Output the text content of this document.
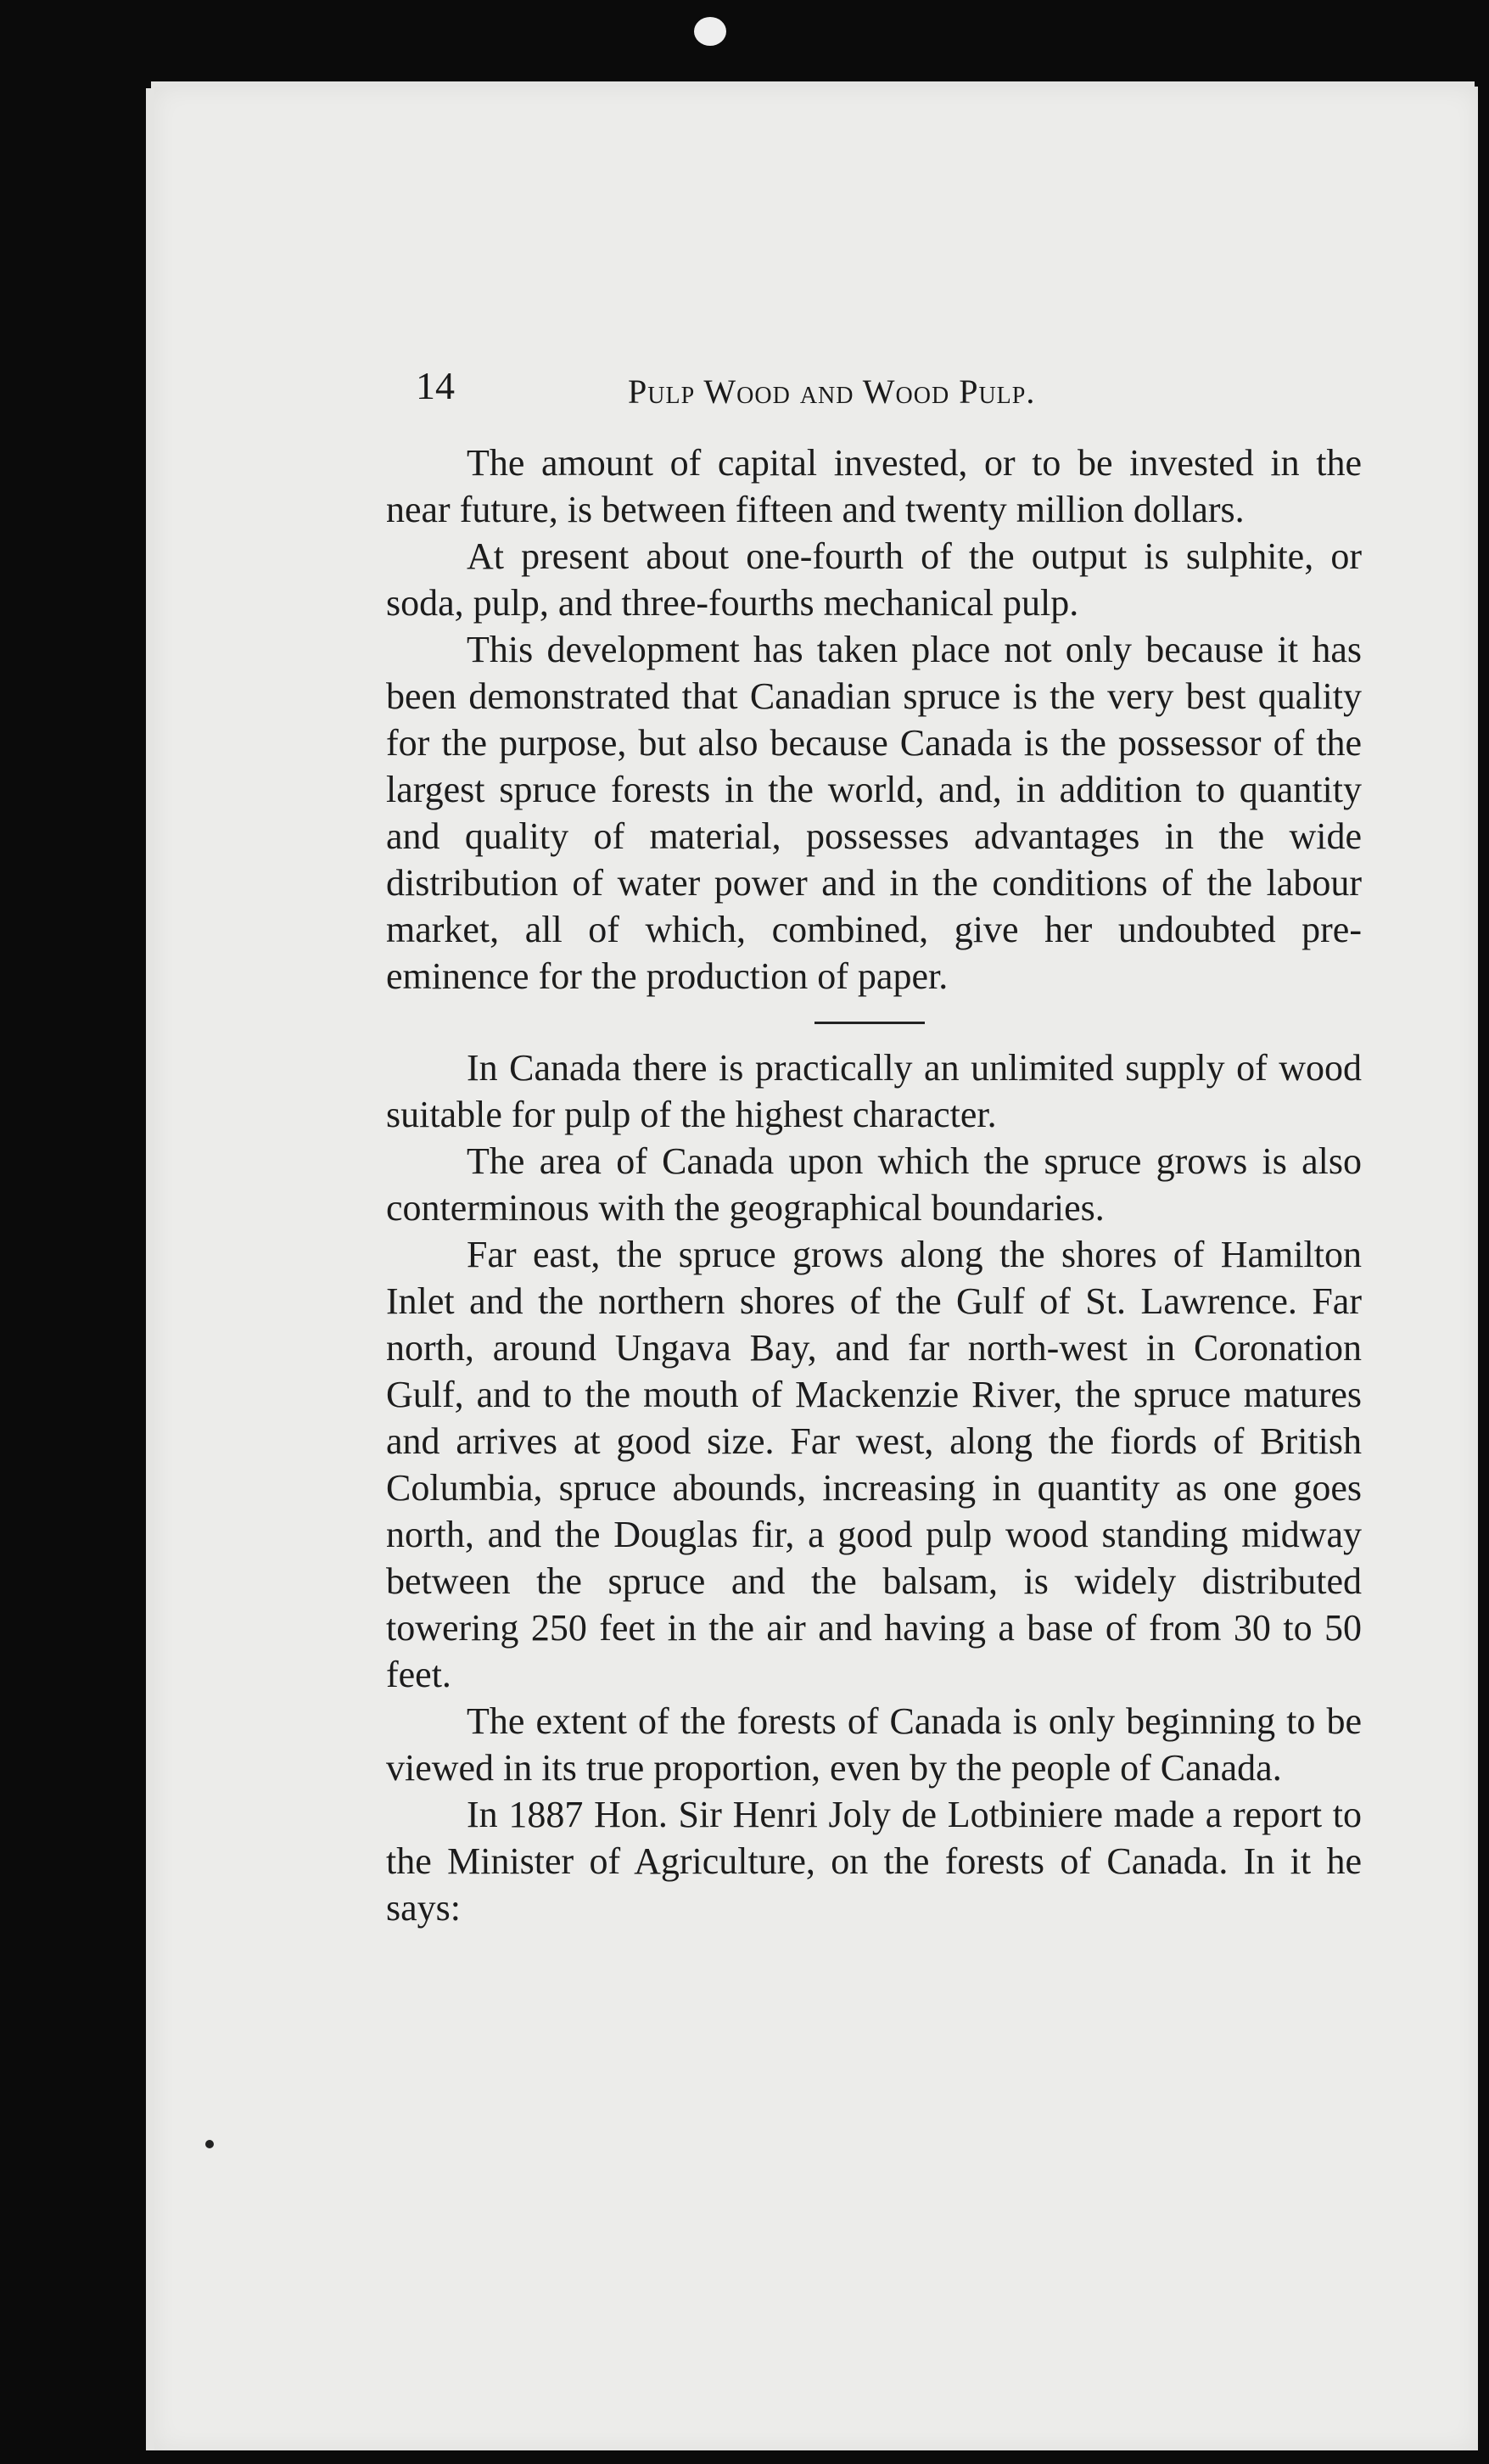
14	Pulp Wood and Wood Pulp.

The amount of capital invested, or to be invested in the near future, is between fifteen and twenty million dollars.

At present about one-fourth of the output is sulphite, or soda, pulp, and three-fourths mechanical pulp.

This development has taken place not only because it has been demonstrated that Canadian spruce is the very best quality for the purpose, but also because Canada is the possessor of the largest spruce forests in the world, and, in addition to quantity and quality of material, possesses advantages in the wide distribution of water power and in the conditions of the labour market, all of which, combined, give her undoubted pre-eminence for the production of paper.

In Canada there is practically an unlimited supply of wood suitable for pulp of the highest character.

The area of Canada upon which the spruce grows is also conterminous with the geographical boundaries.

Far east, the spruce grows along the shores of Hamilton Inlet and the northern shores of the Gulf of St. Lawrence. Far north, around Ungava Bay, and far north-west in Coronation Gulf, and to the mouth of Mackenzie River, the spruce matures and arrives at good size. Far west, along the fiords of British Columbia, spruce abounds, increasing in quantity as one goes north, and the Douglas fir, a good pulp wood standing midway between the spruce and the balsam, is widely distributed towering 250 feet in the air and having a base of from 30 to 50 feet.

The extent of the forests of Canada is only beginning to be viewed in its true proportion, even by the people of Canada.

In 1887 Hon. Sir Henri Joly de Lotbiniere made a report to the Minister of Agriculture, on the forests of Canada. In it he says:
